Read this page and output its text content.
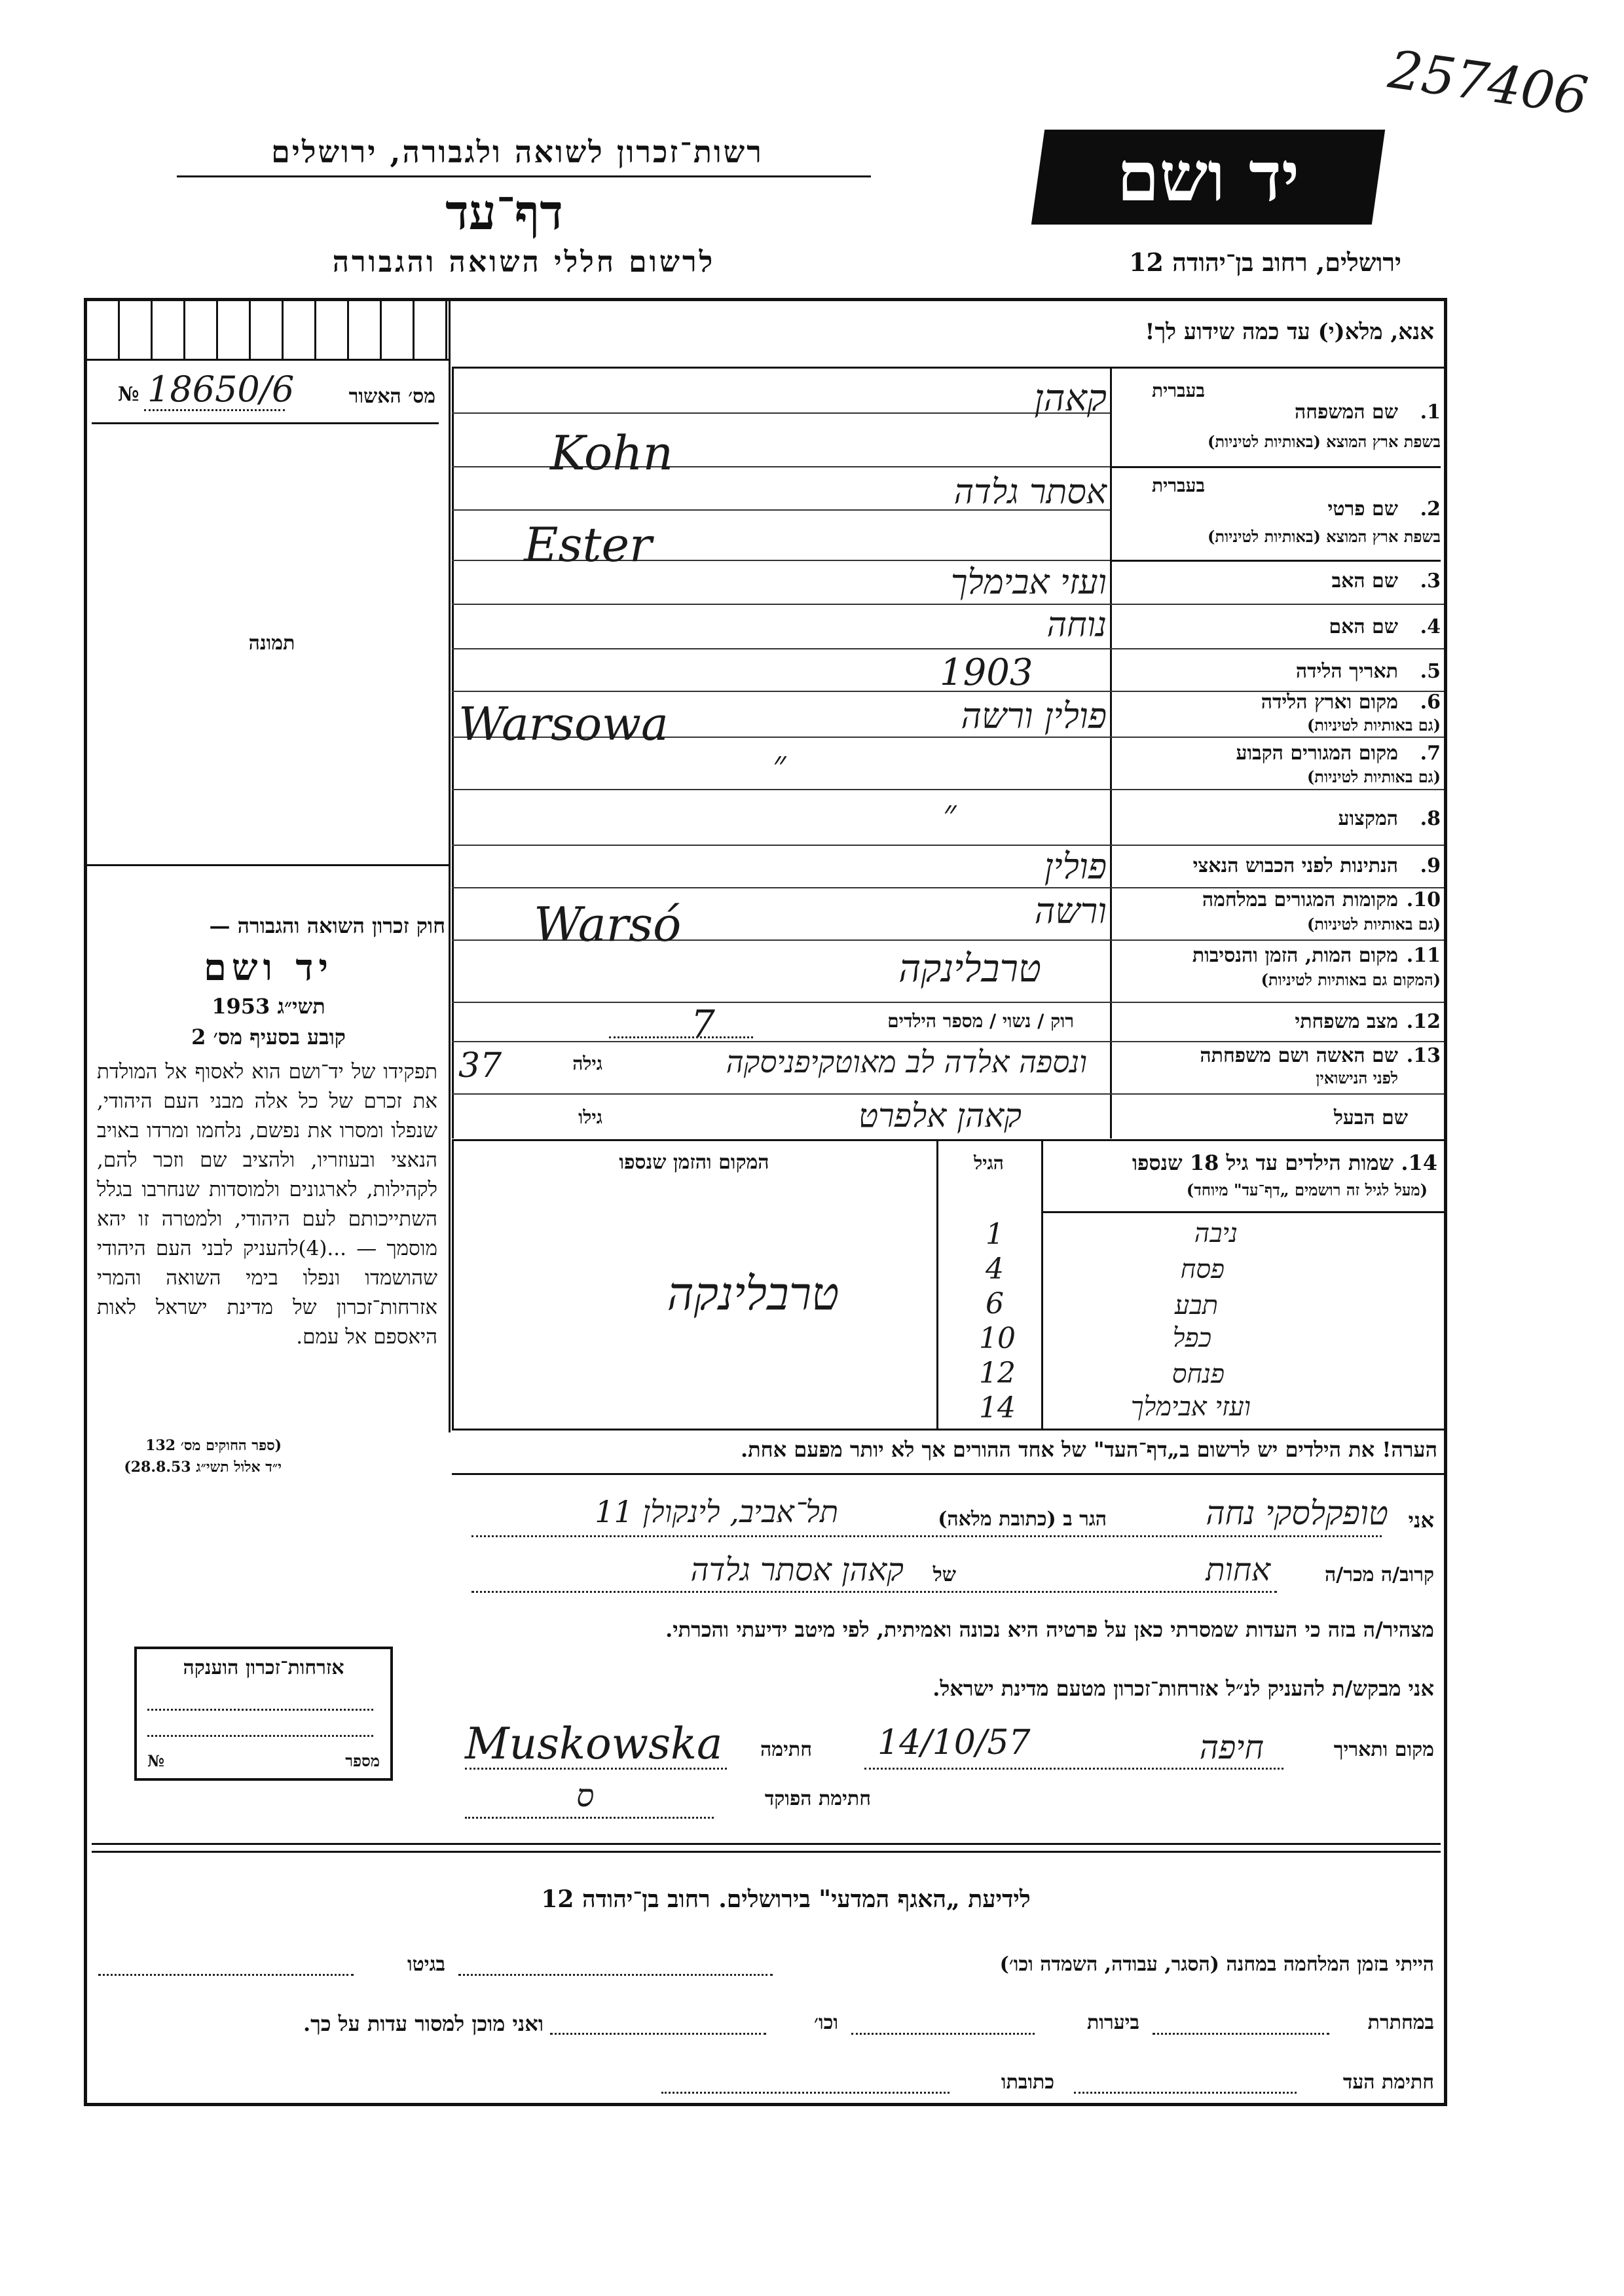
רשות־זכרון לשואה ולגבורה, ירושלים
דף־עד
לרשום חללי השואה והגבורה
יד ושם
ירושלים, רחוב בן־יהודה 12
257406
אנא, מלא(י) עד כמה שידוע לך!
№ 18650/6	מס׳ האשור
תמונה
1.
שם המשפחה
בעברית
בשפת ארץ המוצא (באותיות לטיניות)
קאהן
Kohn
2.
שם פרטי
בעברית
בשפת ארץ המוצא (באותיות לטיניות)
אסתר גלדה
Ester
3.
שם האב
ועזי אבימלך
4.
שם האם
נוחה
5.
תאריך הלידה
1903
6.
מקום וארץ הלידה
(גם באותיות לטיניות)
פולין ורשה
Warsowa
7.
מקום המגורים הקבוע
(גם באותיות לטיניות)
״
8.
המקצוע
״
9.
הנתינות לפני הכבוש הנאצי
פולין
10.
מקומות המגורים במלחמה
(גם באותיות לטיניות)
ורשה
Warsó
11.
מקום המות, הזמן והנסיבות
(המקום גם באותיות לטיניות)
טרבלינקה
12.
מצב משפחתי
רוק / נשוי / מספר הילדים
7
13.
שם האשה ושם משפחתה
לפני הנישואין
ונספה אלדה לב מאוטקיפניסקה
גילה
37
שם הבעל
קאהן אלפרט
גילו
חוק זכרון השואה והגבורה —
יד ושם
תשי״ג 1953
קובע בסעיף מס׳ 2
תפקידו של יד־ושם הוא לאסוף אל המולדת את זכרם של כל אלה מבני העם היהודי, שנפלו ומסרו את נפשם, נלחמו ומרדו באויב הנאצי ובעוזריו, ולהציב שם וזכר להם, לקהילות, לארגונים ולמוסדות שנחרבו בגלל השתייכותם לעם היהודי, ולמטרה זו יהא מוסמך — ...(4)להעניק לבני העם היהודי שהושמדו ונפלו בימי השואה והמרי אזרחות־זכרון של מדינת ישראל לאות היאספם אל עמם.
(ספר החוקים מס׳ 132
י״ד אלול תשי״ג 28.8.53)
14. שמות הילדים עד גיל 18 שנספו
(מעל לגיל זה רושמים „דף־עד" מיוחד)
הגיל
המקום והזמן שנספו
טרבלינקה
ניבה
פסח
תבע
כפל
פנחס
ועזי אבימלך
1
4
6
10
12
14
הערה! את הילדים יש לרשום ב„דף־העד" של אחד ההורים אך לא יותר מפעם אחת.
אני
טופקלסקי נחה
הגר ב (כתובת מלאה)
תל־אביב, לינקולן 11
קרוב/ה מכר/ה
אחות
של
קאהן אסתר גלדה
מצהיר/ה בזה כי העדות שמסרתי כאן על פרטיה היא נכונה ואמיתית, לפי מיטב ידיעתי והכרתי.
אני מבקש/ת להעניק לנ״ל אזרחות־זכרון מטעם מדינת ישראל.
מקום ותאריך
חיפה
14/10/57
חתימה
Muskowska
חתימת הפוקד
ס
אזרחות־זכרון הוענקה
№	מספר
לידיעת „האגף המדעי" בירושלים. רחוב בן־יהודה 12
הייתי בזמן המלחמה במחנה (הסגר, עבודה, השמדה וכו׳)
בגיטו
במחתרת
ביערות
וכו׳
ואני מוכן למסור עדות על כך.
חתימת העד
כתובתו
